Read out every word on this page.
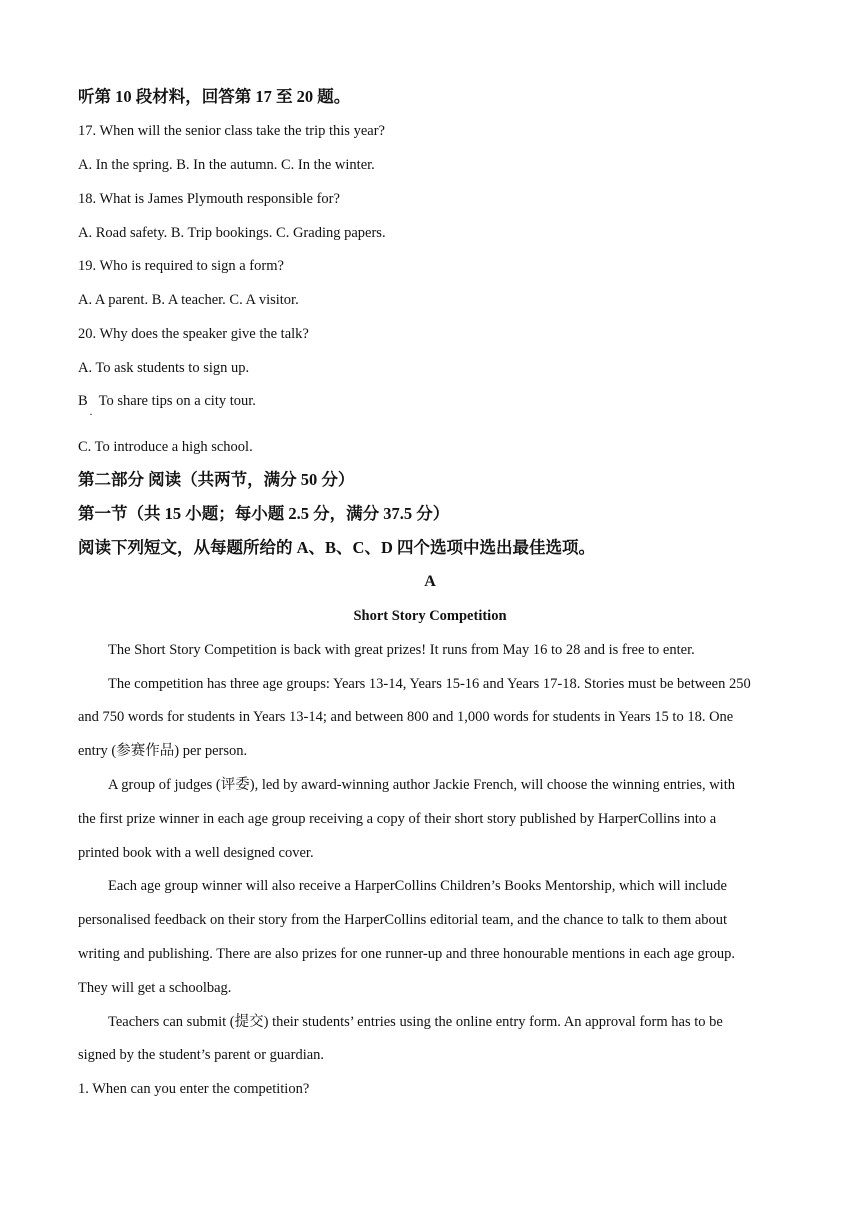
听第 10 段材料，回答第 17 至 20 题。
17. When will the senior class take the trip this year?
A. In the spring. B. In the autumn. C. In the winter.
18. What is James Plymouth responsible for?
A. Road safety. B. Trip bookings. C. Grading papers.
19. Who is required to sign a form?
A. A parent. B. A teacher. C. A visitor.
20. Why does the speaker give the talk?
A. To ask students to sign up.
B To share tips on a city tour.
·
C. To introduce a high school.
第二部分 阅读（共两节，满分 50 分）
第一节（共 15 小题；每小题 2.5 分，满分 37.5 分）
阅读下列短文，从每题所给的 A、B、C、D 四个选项中选出最佳选项。
A
Short Story Competition
The Short Story Competition is back with great prizes! It runs from May 16 to 28 and is free to enter.
The competition has three age groups: Years 13-14, Years 15-16 and Years 17-18. Stories must be between 250
and 750 words for students in Years 13-14; and between 800 and 1,000 words for students in Years 15 to 18. One
entry (参赛作品) per person.
A group of judges (评委), led by award-winning author Jackie French, will choose the winning entries, with
the first prize winner in each age group receiving a copy of their short story published by HarperCollins into a
printed book with a well designed cover.
Each age group winner will also receive a HarperCollins Children’s Books Mentorship, which will include
personalised feedback on their story from the HarperCollins editorial team, and the chance to talk to them about
writing and publishing. There are also prizes for one runner-up and three honourable mentions in each age group.
They will get a schoolbag.
Teachers can submit (提交) their students’ entries using the online entry form. An approval form has to be
signed by the student’s parent or guardian.
1. When can you enter the competition?
